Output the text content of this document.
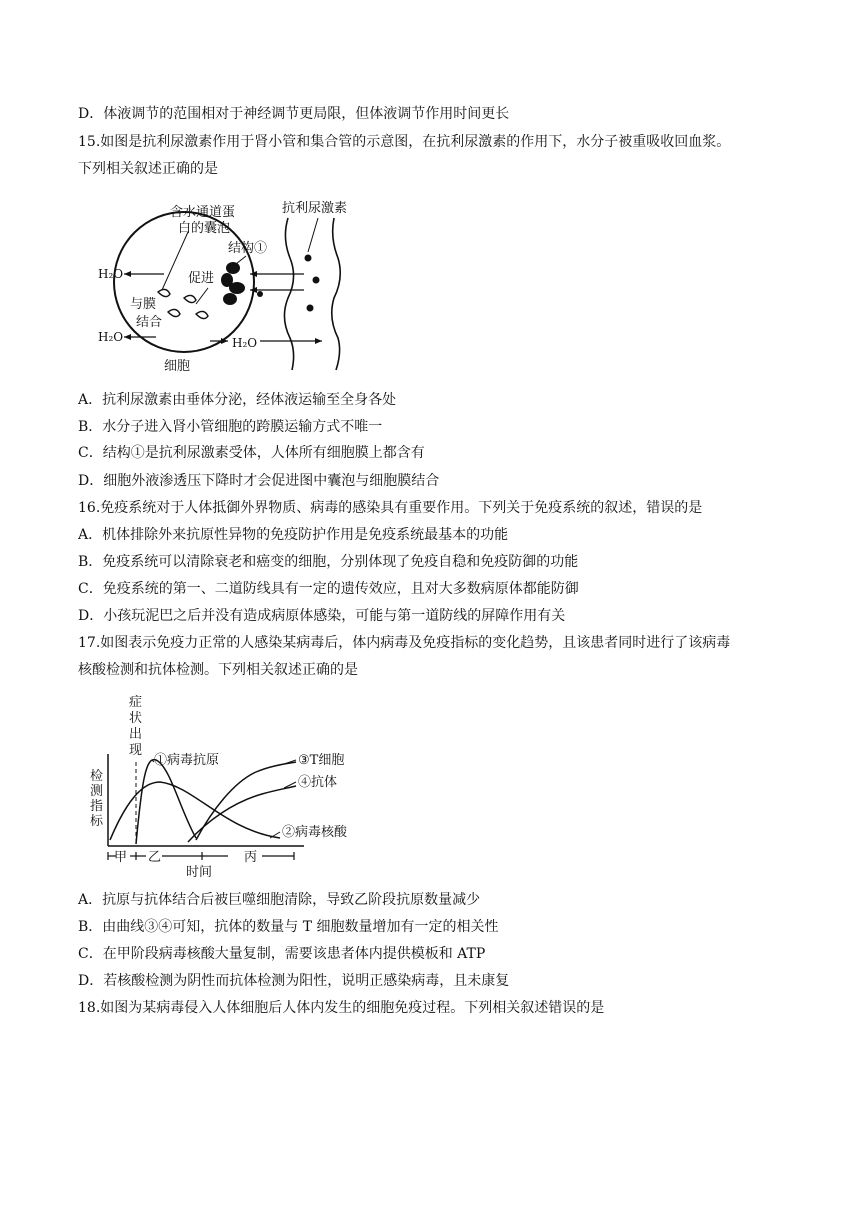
D．体液调节的范围相对于神经调节更局限，但体液调节作用时间更长
15.如图是抗利尿激素作用于肾小管和集合管的示意图，在抗利尿激素的作用下，水分子被重吸收回血浆。
下列相关叙述正确的是
含水通道蛋
白的囊泡
结构①
促进
与膜
结合
H₂O
H₂O	H₂O
细胞
抗利尿激素
A．抗利尿激素由垂体分泌，经体液运输至全身各处
B．水分子进入肾小管细胞的跨膜运输方式不唯一
C．结构①是抗利尿激素受体，人体所有细胞膜上都含有
D．细胞外液渗透压下降时才会促进图中囊泡与细胞膜结合
16.免疫系统对于人体抵御外界物质、病毒的感染具有重要作用。下列关于免疫系统的叙述，错误的是
A．机体排除外来抗原性异物的免疫防护作用是免疫系统最基本的功能
B．免疫系统可以清除衰老和癌变的细胞，分别体现了免疫自稳和免疫防御的功能
C．免疫系统的第一、二道防线具有一定的遗传效应，且对大多数病原体都能防御
D．小孩玩泥巴之后并没有造成病原体感染，可能与第一道防线的屏障作用有关
17.如图表示免疫力正常的人感染某病毒后，体内病毒及免疫指标的变化趋势，且该患者同时进行了该病毒
核酸检测和抗体检测。下列相关叙述正确的是
检
测
指
标
甲 乙	丙
时间
症
状
出
现
①病毒抗原	③T细胞
④抗体
②病毒核酸
A．抗原与抗体结合后被巨噬细胞清除，导致乙阶段抗原数量减少
B．由曲线③④可知，抗体的数量与 T 细胞数量增加有一定的相关性
C．在甲阶段病毒核酸大量复制，需要该患者体内提供模板和 ATP
D．若核酸检测为阴性而抗体检测为阳性，说明正感染病毒，且未康复
18.如图为某病毒侵入人体细胞后人体内发生的细胞免疫过程。下列相关叙述错误的是
